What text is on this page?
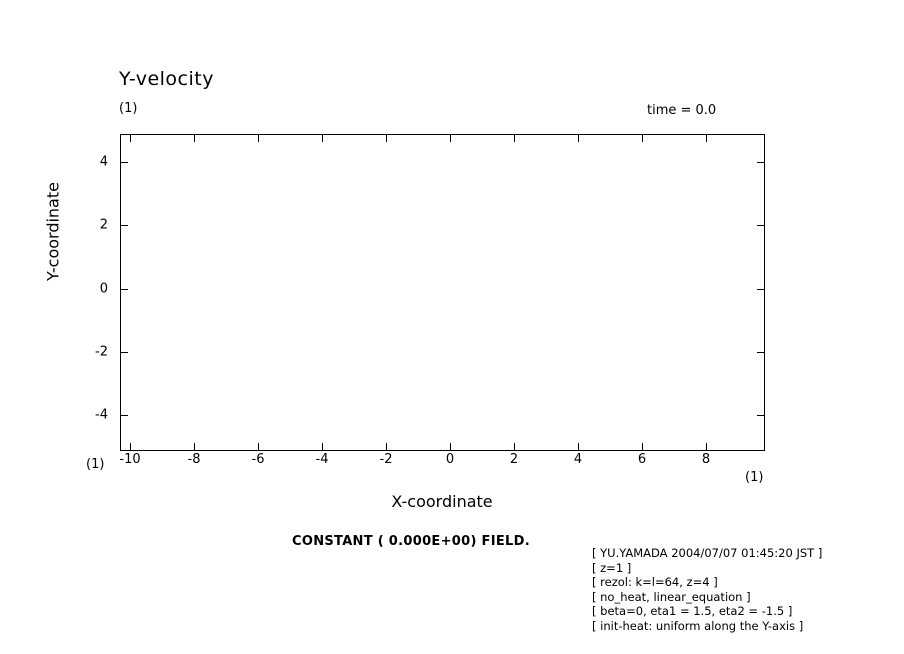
Y-velocity
(1)	time = 0.0
4
2
0
-2
-4
-10	-8	-6	-4	-2	0	2	4	6	8
X-coordinate
Y-coordinate
(1)
(1)
CONSTANT ( 0.000E+00) FIELD.
[ YU.YAMADA 2004/07/07 01:45:20 JST ]
[ z=1 ]
[ rezol: k=l=64, z=4 ]
[ no_heat, linear_equation ]
[ beta=0, eta1 = 1.5, eta2 = -1.5 ]
[ init-heat: uniform along the Y-axis ]
